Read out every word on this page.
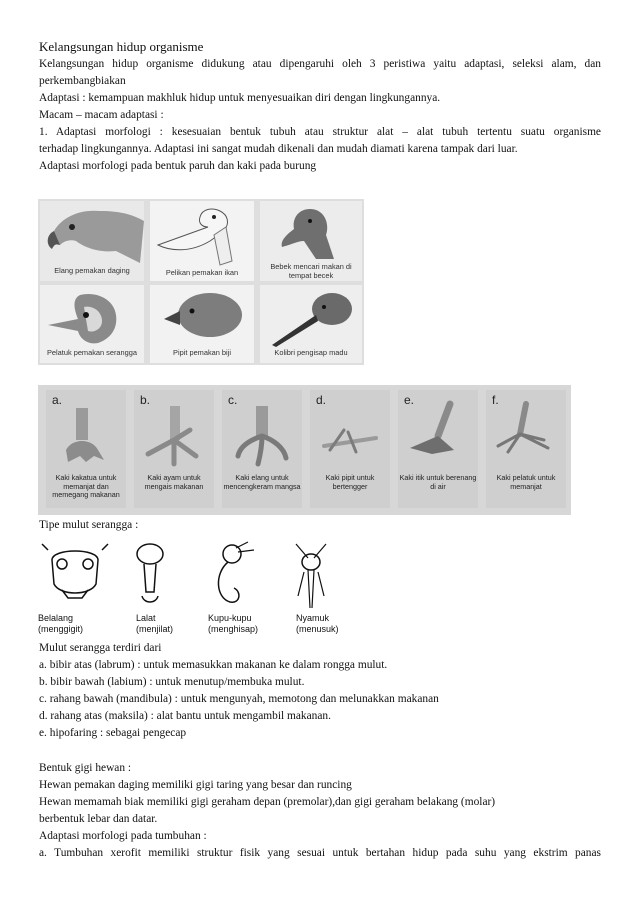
Kelangsungan hidup organisme
Kelangsungan hidup organisme didukung atau dipengaruhi oleh 3 peristiwa yaitu adaptasi, seleksi alam, dan
perkembangbiakan
Adaptasi : kemampuan makhluk hidup untuk menyesuaikan diri dengan lingkungannya.
Macam – macam adaptasi :
1. Adaptasi morfologi : kesesuaian bentuk tubuh atau struktur alat – alat tubuh tertentu suatu organisme
terhadap lingkungannya. Adaptasi ini sangat mudah dikenali dan mudah diamati karena tampak dari luar.
Adaptasi morfologi pada bentuk paruh dan kaki pada burung
Elang pemakan daging	Pelikan pemakan ikan
Bebek mencari makan di tempat becek
Pelatuk pemakan serangga	Pipit pemakan biji	Kolibri pengisap madu
a.
Kaki kakatua untuk memanjat dan memegang makanan
b.
Kaki ayam untuk mengais makanan
c.
Kaki elang untuk mencengkeram mangsa
d.
Kaki pipit untuk bertengger
e.
Kaki itik untuk berenang di air
f.
Kaki pelatuk untuk memanjat
Tipe mulut serangga :
Belalang
(menggigit)
Lalat
(menjilat)
Kupu-kupu
(menghisap)
Nyamuk
(menusuk)
Mulut serangga terdiri dari
a. bibir atas (labrum) : untuk memasukkan makanan ke dalam rongga mulut.
b. bibir bawah (labium) : untuk menutup/membuka mulut.
c. rahang bawah (mandibula) : untuk mengunyah, memotong dan melunakkan makanan
d. rahang atas (maksila) : alat bantu untuk mengambil makanan.
e. hipofaring : sebagai pengecap
Bentuk gigi hewan :
Hewan pemakan daging memiliki gigi taring yang besar dan runcing
Hewan memamah biak memiliki gigi geraham depan (premolar),dan gigi geraham belakang (molar)
berbentuk lebar dan datar.
Adaptasi morfologi pada tumbuhan :
a. Tumbuhan xerofit memiliki struktur fisik yang sesuai untuk bertahan hidup pada suhu yang ekstrim panas
